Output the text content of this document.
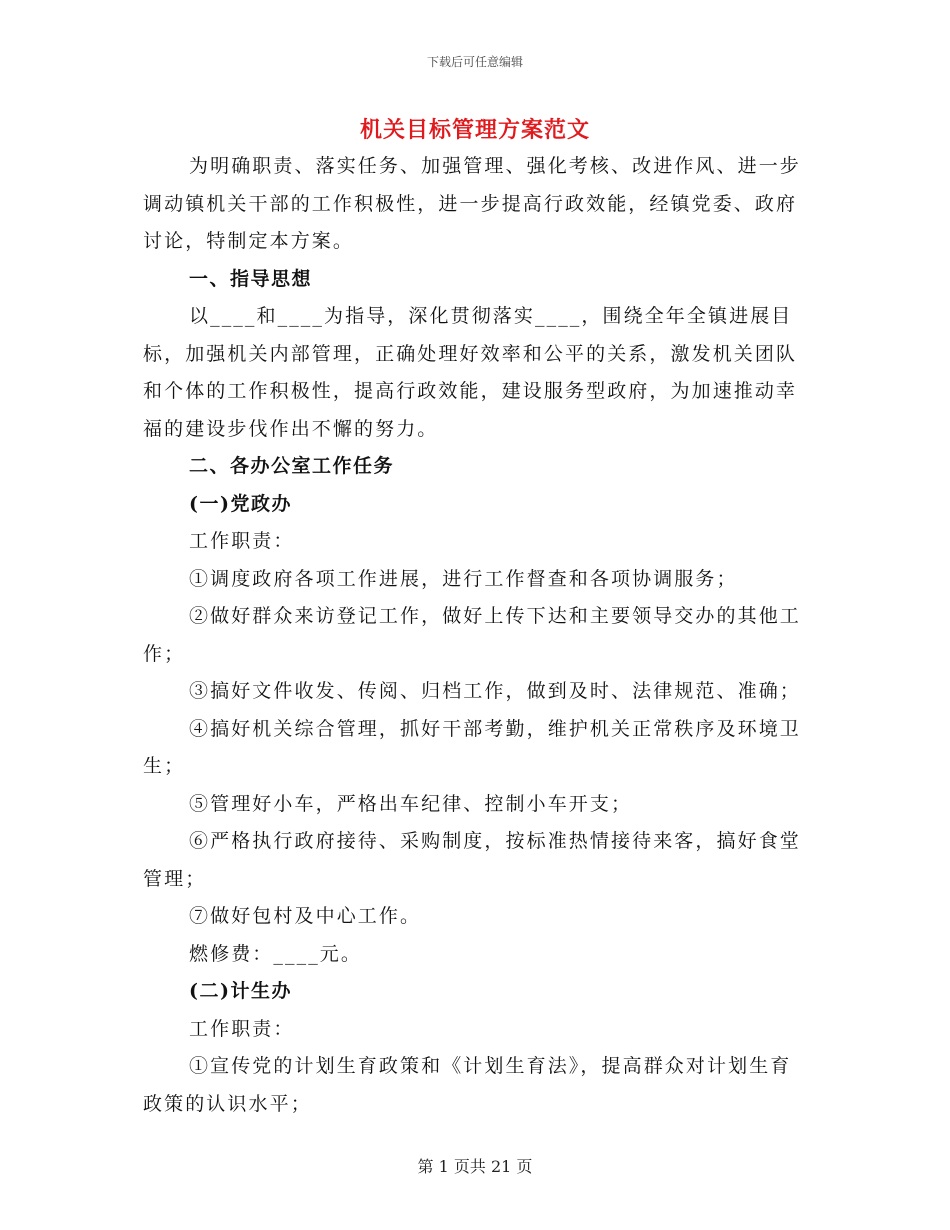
下载后可任意编辑
机关目标管理方案范文

为明确职责、落实任务、加强管理、强化考核、改进作风、进一步调动镇机关干部的工作积极性，进一步提高行政效能，经镇党委、政府讨论，特制定本方案。

一、指导思想

以____和____为指导，深化贯彻落实____，围绕全年全镇进展目标，加强机关内部管理，正确处理好效率和公平的关系，激发机关团队和个体的工作积极性，提高行政效能，建设服务型政府，为加速推动幸福的建设步伐作出不懈的努力。

二、各办公室工作任务

(一)党政办

工作职责：

①调度政府各项工作进展，进行工作督查和各项协调服务；

②做好群众来访登记工作，做好上传下达和主要领导交办的其他工作；

③搞好文件收发、传阅、归档工作，做到及时、法律规范、准确；

④搞好机关综合管理，抓好干部考勤，维护机关正常秩序及环境卫生；

⑤管理好小车，严格出车纪律、控制小车开支；

⑥严格执行政府接待、采购制度，按标准热情接待来客，搞好食堂管理；

⑦做好包村及中心工作。

燃修费：____元。

(二)计生办

工作职责：

①宣传党的计划生育政策和《计划生育法》，提高群众对计划生育政策的认识水平；

第 1 页共 21 页
